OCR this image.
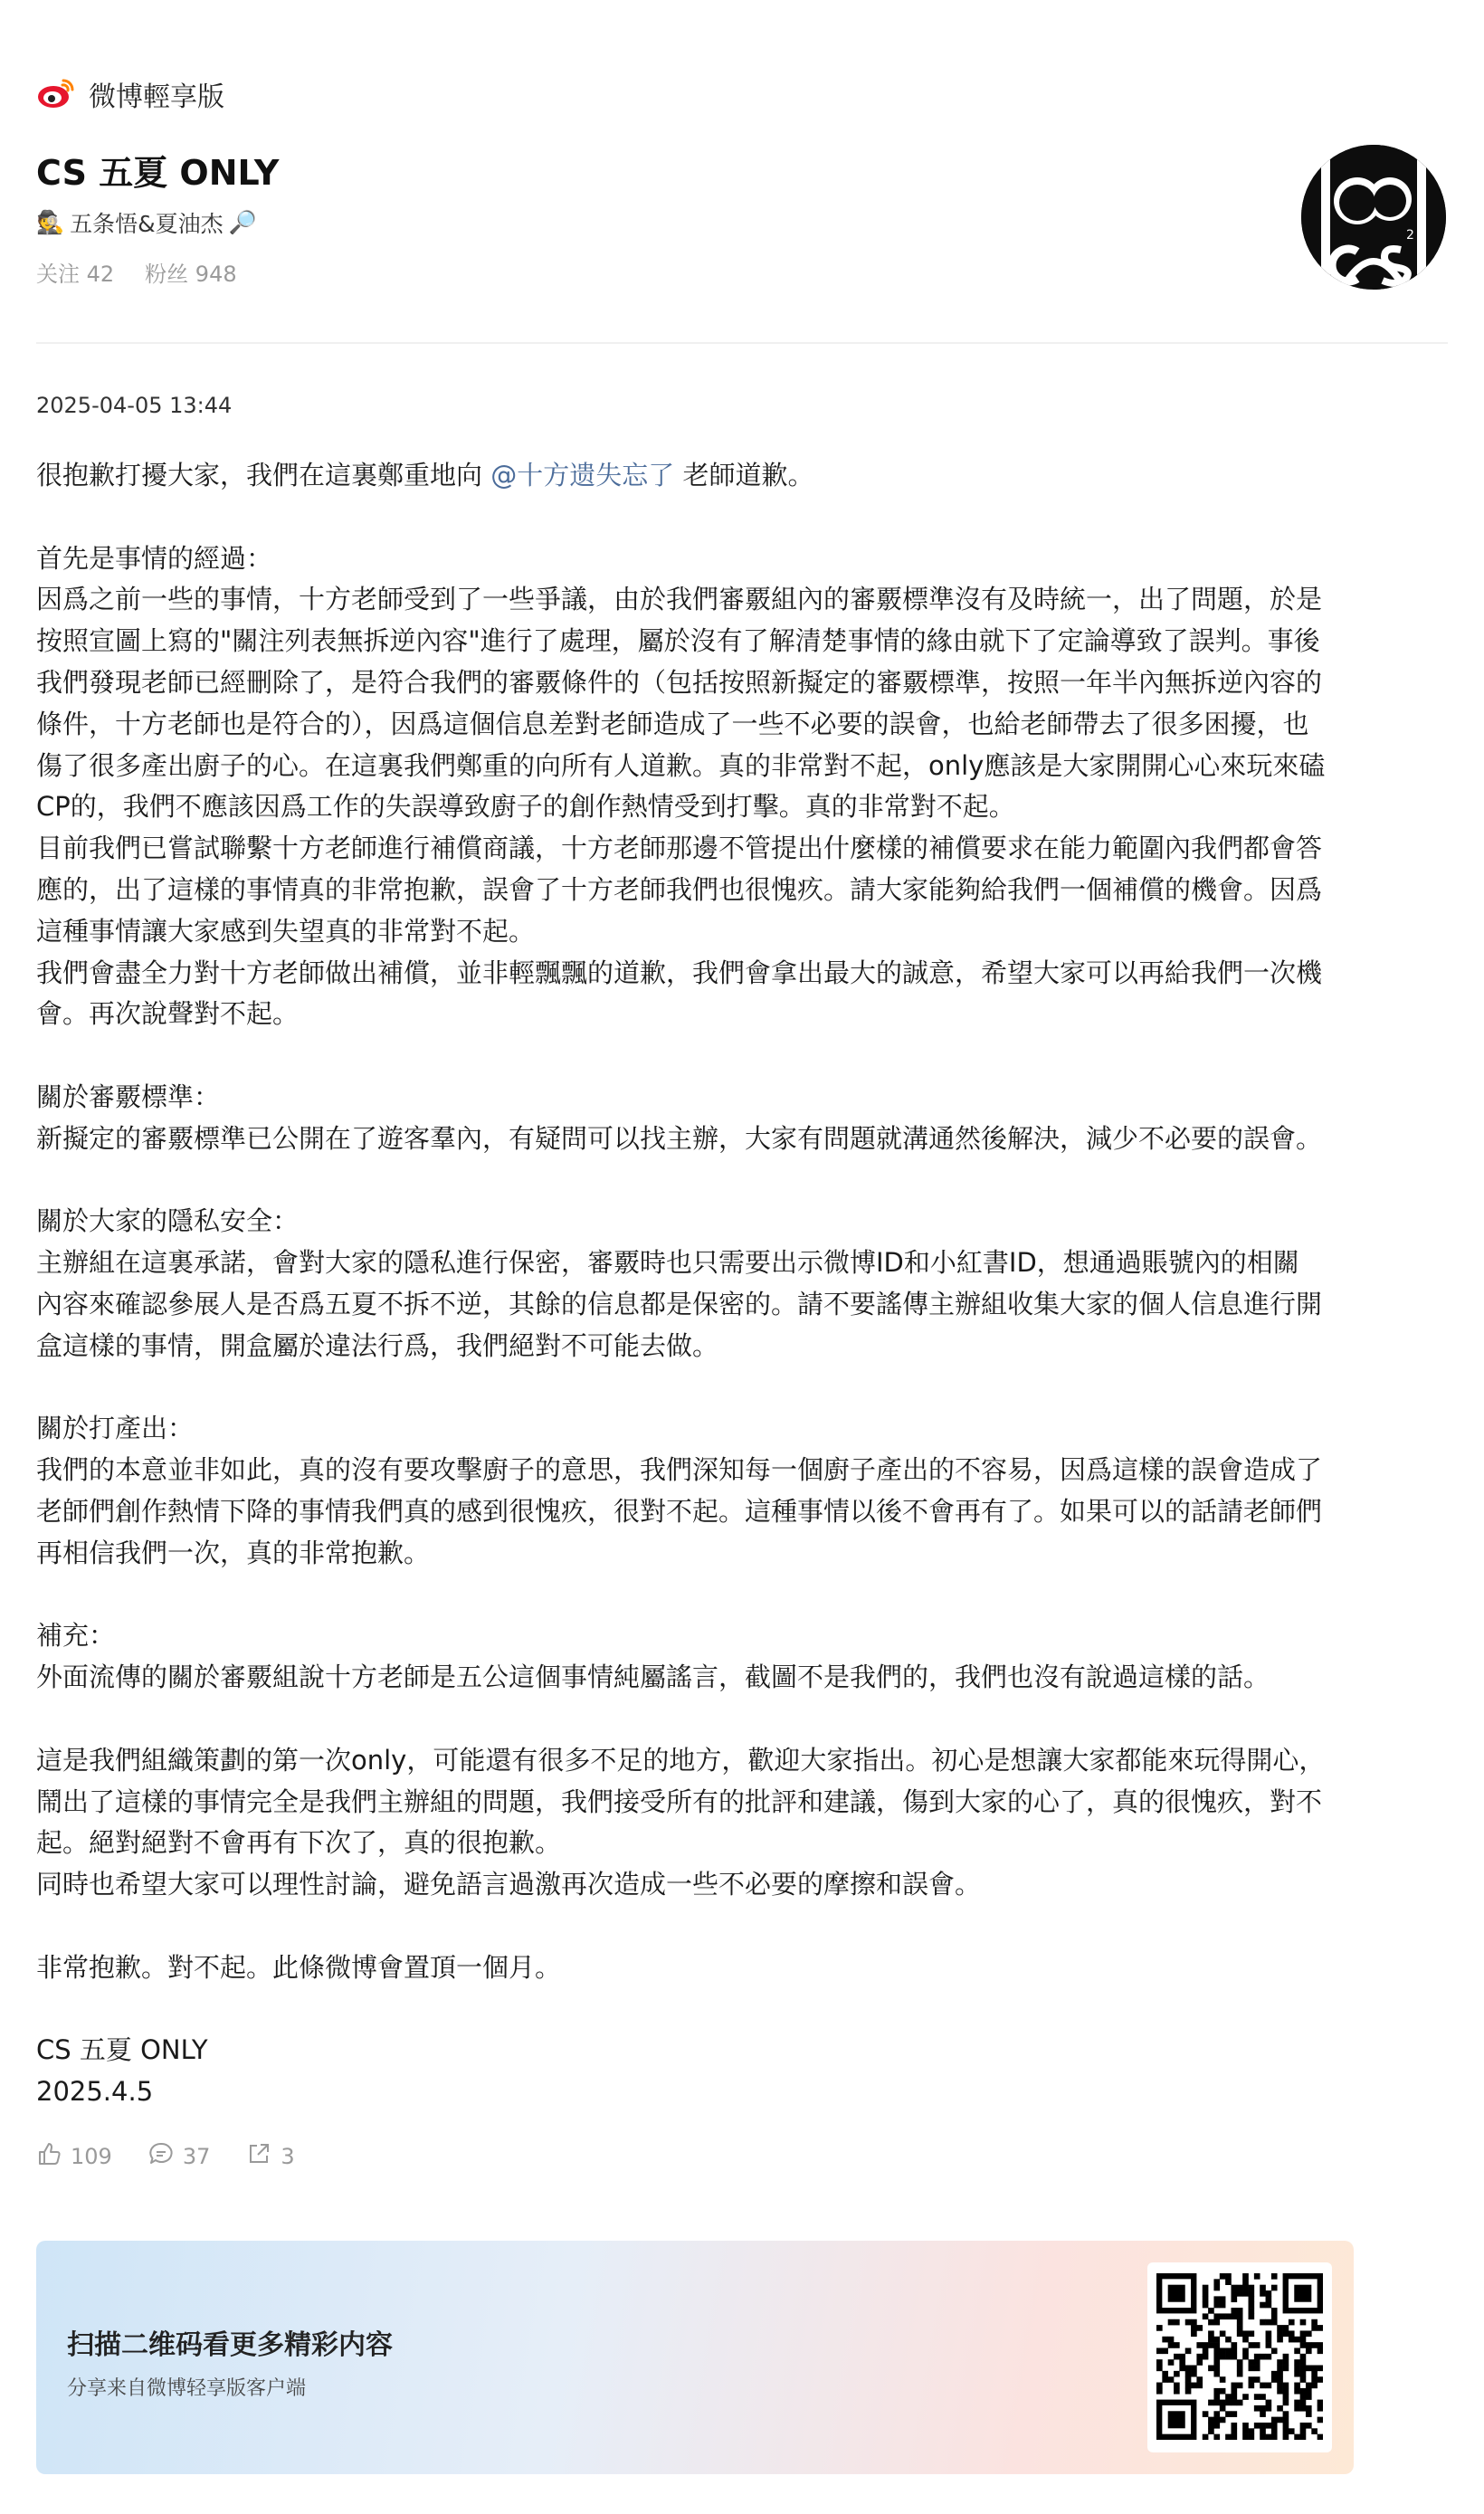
微博輕享版
CS 五夏 ONLY
🕵️ 五条悟&夏油杰 🔎
关注 42 粉丝 948
2
2025-04-05 13:44

很抱歉打擾大家，我們在這裏鄭重地向 @十方遗失忘了 老師道歉。

首先是事情的經過：

因爲之前一些的事情，十方老師受到了一些爭議，由於我們審覈組內的審覈標準沒有及時統一，出了問題，於是

按照宣圖上寫的"關注列表無拆逆內容"進行了處理，屬於沒有了解清楚事情的緣由就下了定論導致了誤判。事後

我們發現老師已經刪除了，是符合我們的審覈條件的（包括按照新擬定的審覈標準，按照一年半內無拆逆內容的

條件，十方老師也是符合的），因爲這個信息差對老師造成了一些不必要的誤會，也給老師帶去了很多困擾，也

傷了很多產出廚子的心。在這裏我們鄭重的向所有人道歉。真的非常對不起，only應該是大家開開心心來玩來磕

CP的，我們不應該因爲工作的失誤導致廚子的創作熱情受到打擊。真的非常對不起。

目前我們已嘗試聯繫十方老師進行補償商議，十方老師那邊不管提出什麼樣的補償要求在能力範圍內我們都會答

應的，出了這樣的事情真的非常抱歉，誤會了十方老師我們也很愧疚。請大家能夠給我們一個補償的機會。因爲

這種事情讓大家感到失望真的非常對不起。

我們會盡全力對十方老師做出補償，並非輕飄飄的道歉，我們會拿出最大的誠意，希望大家可以再給我們一次機

會。再次說聲對不起。

關於審覈標準：

新擬定的審覈標準已公開在了遊客羣內，有疑問可以找主辦，大家有問題就溝通然後解決，減少不必要的誤會。

關於大家的隱私安全：

主辦組在這裏承諾，會對大家的隱私進行保密，審覈時也只需要出示微博ID和小紅書ID，想通過賬號內的相關

內容來確認參展人是否爲五夏不拆不逆，其餘的信息都是保密的。請不要謠傳主辦組收集大家的個人信息進行開

盒這樣的事情，開盒屬於違法行爲，我們絕對不可能去做。

關於打產出：

我們的本意並非如此，真的沒有要攻擊廚子的意思，我們深知每一個廚子產出的不容易，因爲這樣的誤會造成了

老師們創作熱情下降的事情我們真的感到很愧疚，很對不起。這種事情以後不會再有了。如果可以的話請老師們

再相信我們一次，真的非常抱歉。

補充：

外面流傳的關於審覈組說十方老師是五公這個事情純屬謠言，截圖不是我們的，我們也沒有說過這樣的話。

這是我們組織策劃的第一次only，可能還有很多不足的地方，歡迎大家指出。初心是想讓大家都能來玩得開心，

鬧出了這樣的事情完全是我們主辦組的問題，我們接受所有的批評和建議，傷到大家的心了，真的很愧疚，對不

起。絕對絕對不會再有下次了，真的很抱歉。

同時也希望大家可以理性討論，避免語言過激再次造成一些不必要的摩擦和誤會。

非常抱歉。對不起。此條微博會置頂一個月。

CS 五夏 ONLY

2025.4.5

109	37	3
扫描二维码看更多精彩内容
分享来自微博轻享版客户端
